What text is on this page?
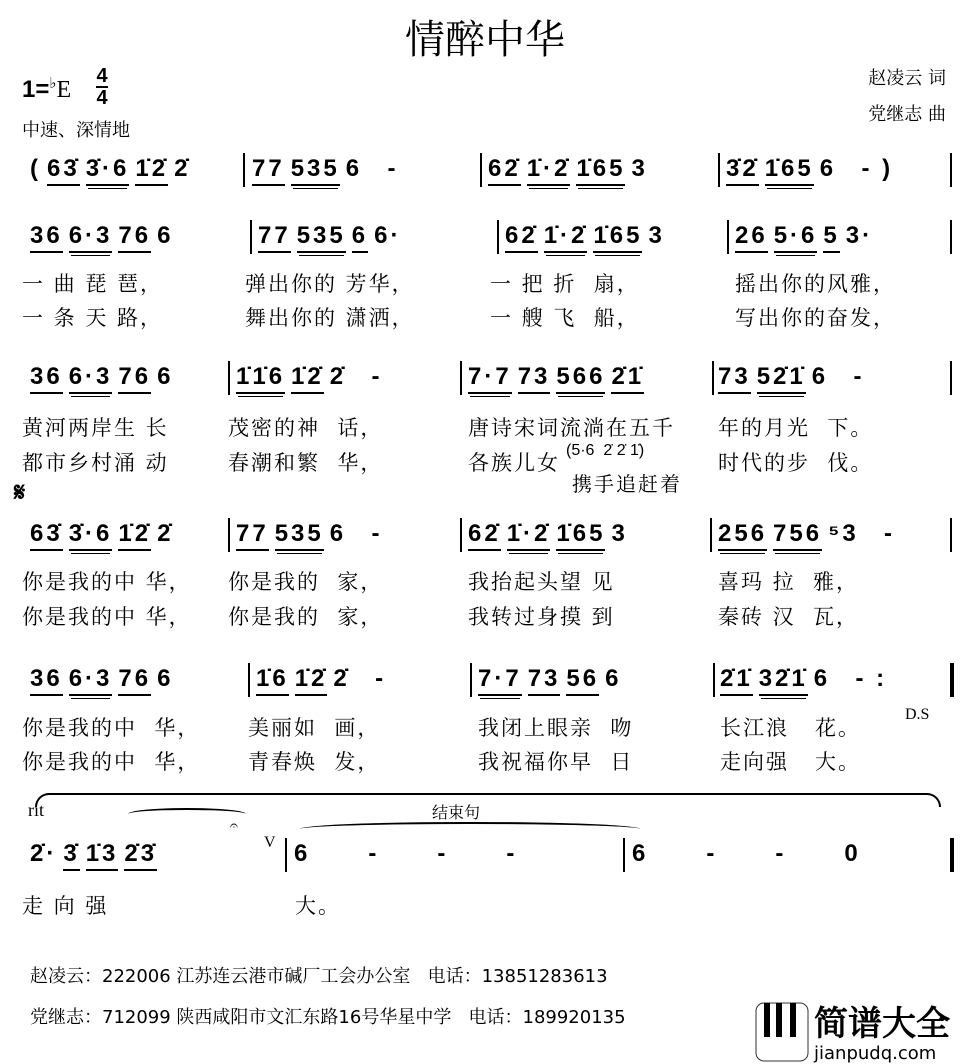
情醉中华
1=♭E
4
4
中速、深情地
赵凌云 词
党继志 曲
( 63̇ 3̇·6 1̇2̇ 2̇	77 535 6  -	62̇ 1̇·2̇ 1̇65 3	3̇2̇ 1̇65 6  - )
36 6·3 76 6	77 535 6 6·	62̇ 1̇·2̇ 1̇65 3	26 5·6 5 3·
一 曲 琵 琶，	弹出你的 芳华，	一 把 折  扇，	摇出你的风雅，
一 条 天 路，	舞出你的 潇洒，	一 艘 飞  船，	写出你的奋发，
36 6·3 76 6	1̇1̇6 1̇2̇ 2̇  -	7·7 73 566 2̇1̇	73 52̇1̇ 6  -
黄河两岸生 长	茂密的神  话，	唐诗宋词流淌在五千 年的月光  下。
都市乡村涌 动	春潮和繁  华，	各族儿女	时代的步  伐。
(5·6  2̇ 2̇ 1̇)
携手追赶着
63̇ 3̇·6 1̇2̇ 2̇	77 535 6  -	62̇ 1̇·2̇ 1̇65 3	256 756 ⁵3  -
你是我的中 华， 你是我的  家，	我抬起头望 见	喜玛 拉  雅，
你是我的中 华， 你是我的  家，	我转过身摸 到	秦砖 汉  瓦，
36 6·3 76 6	1̇6 1̇2̇ 2̇  -	7·7 73 56 6	2̇1̇ 32̇1̇ 6  - :
你是我的中  华， 美丽如  画，	我闭上眼亲  吻	长江浪   花。
你是我的中  华， 青春焕  发，	我祝福你早  日	走向强   大。
2̇· 3̇ 1̇3 2̇3̇	6      -      -      -	6      -      -      0
走 向 强	大。
𝄋
D.S
rit	结束句
𝄐
V
赵凌云：222006 江苏连云港市碱厂工会办公室   电话：13851283613
党继志：712099 陕西咸阳市文汇东路16号华星中学   电话：189920135	简谱大全
jianpudq.com
